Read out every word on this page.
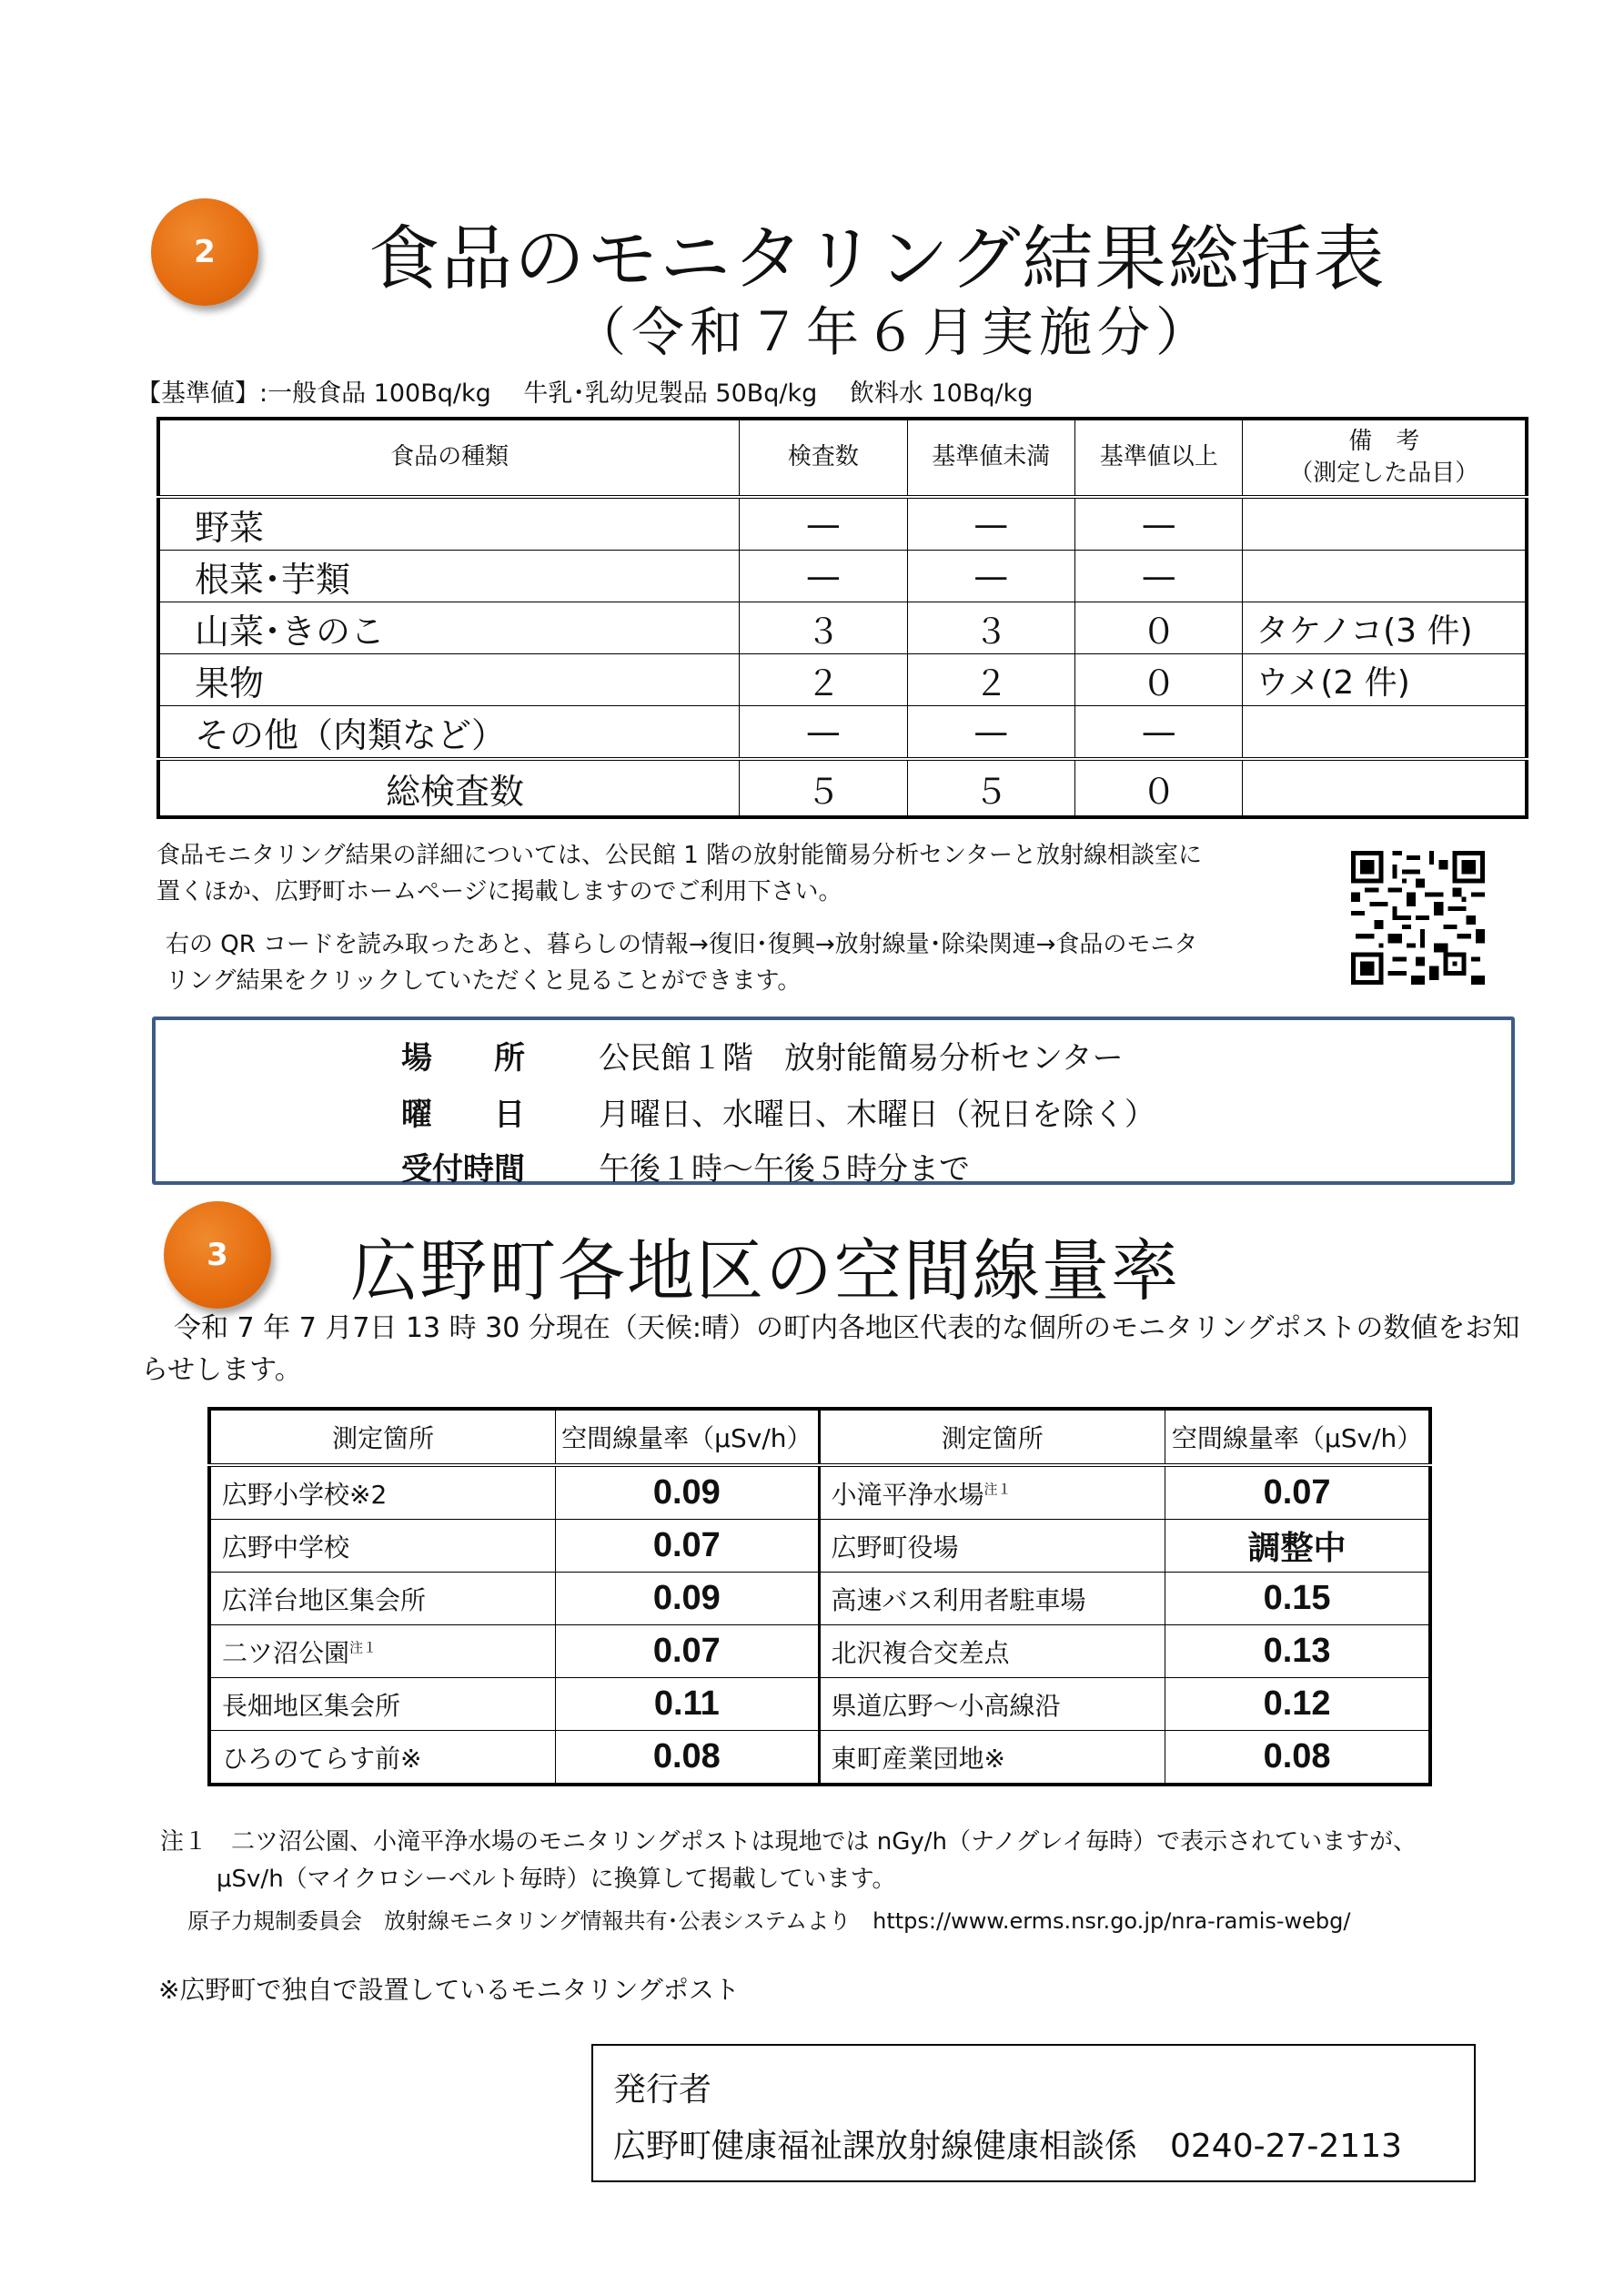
2	食品のモニタリング結果総括表
（令和７年６月実施分）
【基準値】:一般食品 100Bq/kg　 牛乳･乳幼児製品 50Bq/kg　 飲料水 10Bq/kg
食品の種類	検査数	基準値未満	基準値以上	備　考
（測定した品目）

野菜	—	—	—	
根菜･芋類	—	—	—	
山菜･きのこ	３	３	０	タケノコ(3 件)
果物	２	２	０	ウメ(2 件)
その他（肉類など）	—	—	—	
総検査数	５	５	０	
食品モニタリング結果の詳細については、公民館 1 階の放射能簡易分析センターと放射線相談室に
置くほか、広野町ホームページに掲載しますのでご利用下さい。
右の QR コードを読み取ったあと、暮らしの情報→復旧･復興→放射線量･除染関連→食品のモニタ
リング結果をクリックしていただくと見ることができます。
場　　所 公民館１階　放射能簡易分析センター
曜　　日 月曜日、水曜日、木曜日（祝日を除く）
受付時間 午後１時～午後５時分まで
3	広野町各地区の空間線量率
令和 7 年 7 月7日 13 時 30 分現在（天候:晴）の町内各地区代表的な個所のモニタリングポストの数値をお知らせします。
測定箇所	空間線量率（μSv/h）	測定箇所	空間線量率（μSv/h）
広野小学校※2	0.09	小滝平浄水場$^{注1}$	0.07
広野中学校	0.07	広野町役場	調整中
広洋台地区集会所	0.09	高速バス利用者駐車場	0.15
二ツ沼公園$^{注1}$	0.07	北沢複合交差点	0.13
長畑地区集会所	0.11	県道広野～小高線沿	0.12
ひろのてらす前※	0.08	東町産業団地※	0.08
注１　二ツ沼公園、小滝平浄水場のモニタリングポストは現地では nGy/h（ナノグレイ毎時）で表示されていますが、
μSv/h（マイクロシーベルト毎時）に換算して掲載しています。
原子力規制委員会　放射線モニタリング情報共有･公表システムより　https://www.erms.nsr.go.jp/nra-ramis-webg/
※広野町で独自で設置しているモニタリングポスト
発行者
広野町健康福祉課放射線健康相談係　0240-27-2113
